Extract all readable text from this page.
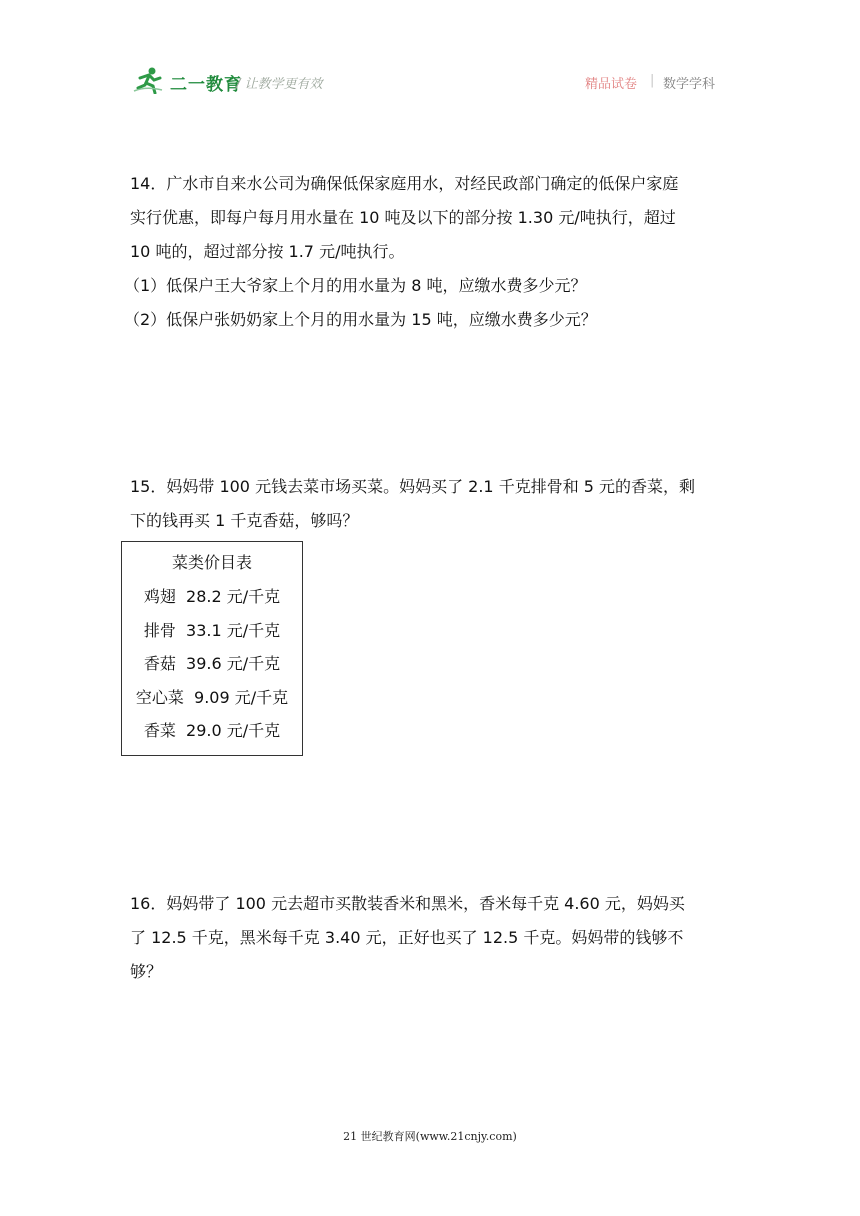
二一教育
/ 让教学更有效	精品试卷 | 数学学科

14．广水市自来水公司为确保低保家庭用水，对经民政部门确定的低保户家庭

实行优惠，即每户每月用水量在 10 吨及以下的部分按 1.30 元/吨执行，超过

10 吨的，超过部分按 1.7 元/吨执行。

（1）低保户王大爷家上个月的用水量为 8 吨，应缴水费多少元？

（2）低保户张奶奶家上个月的用水量为 15 吨，应缴水费多少元？

15．妈妈带 100 元钱去菜市场买菜。妈妈买了 2.1 千克排骨和 5 元的香菜，剩

下的钱再买 1 千克香菇，够吗？

菜类价目表
鸡翅  28.2 元/千克
排骨  33.1 元/千克
香菇  39.6 元/千克
空心菜  9.09 元/千克
香菜  29.0 元/千克

16．妈妈带了 100 元去超市买散装香米和黑米，香米每千克 4.60 元，妈妈买

了 12.5 千克，黑米每千克 3.40 元，正好也买了 12.5 千克。妈妈带的钱够不

够？

21 世纪教育网(www.21cnjy.com)
